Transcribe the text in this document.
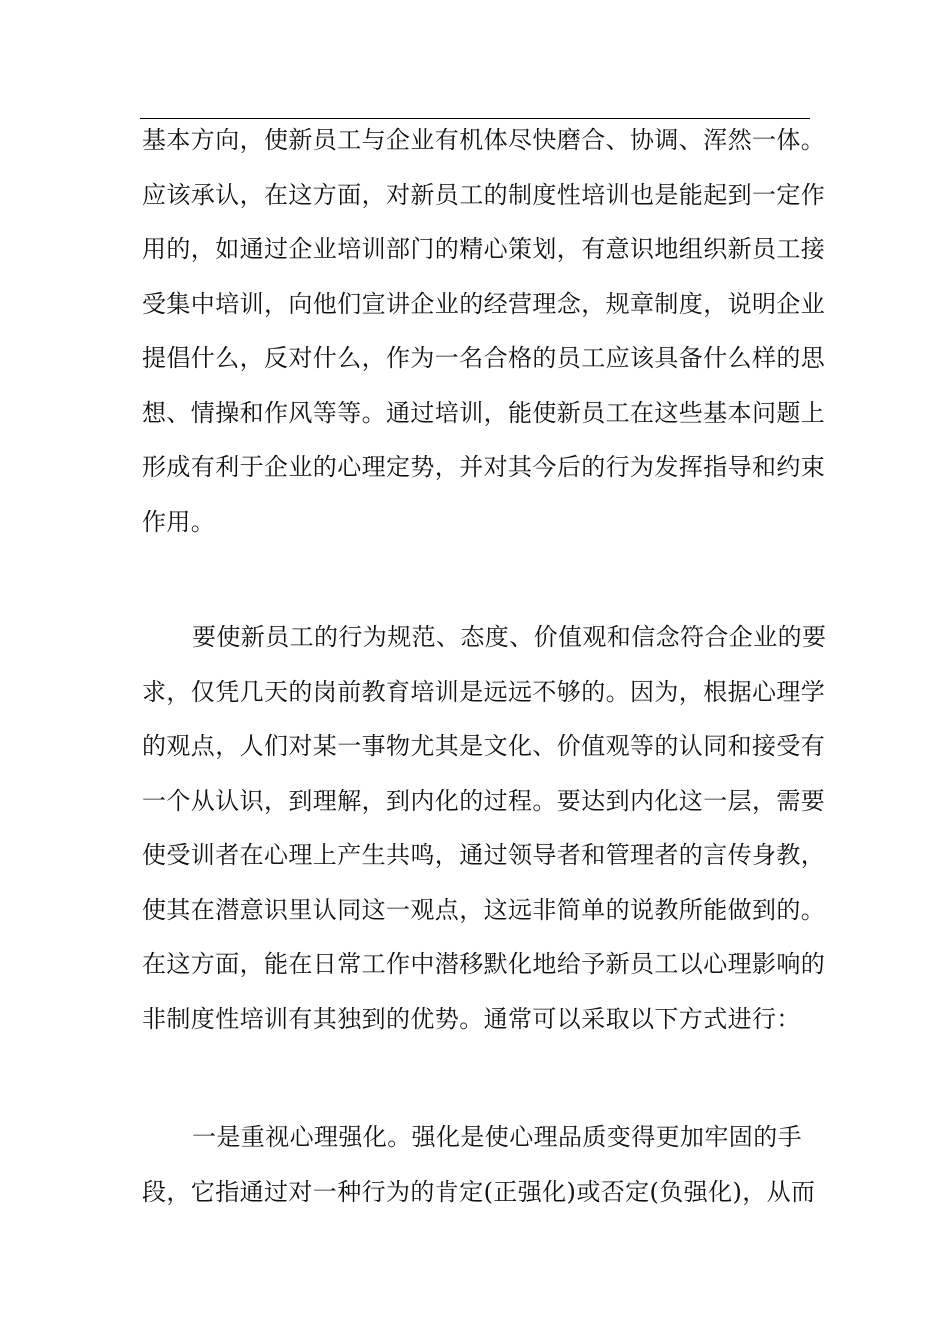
基本方向，使新员工与企业有机体尽快磨合、协调、浑然一体。
应该承认，在这方面，对新员工的制度性培训也是能起到一定作
用的，如通过企业培训部门的精心策划，有意识地组织新员工接
受集中培训，向他们宣讲企业的经营理念，规章制度，说明企业
提倡什么，反对什么，作为一名合格的员工应该具备什么样的思
想、情操和作风等等。通过培训，能使新员工在这些基本问题上
形成有利于企业的心理定势，并对其今后的行为发挥指导和约束
作用。
要使新员工的行为规范、态度、价值观和信念符合企业的要
求，仅凭几天的岗前教育培训是远远不够的。因为，根据心理学
的观点，人们对某一事物尤其是文化、价值观等的认同和接受有
一个从认识，到理解，到内化的过程。要达到内化这一层，需要
使受训者在心理上产生共鸣，通过领导者和管理者的言传身教，
使其在潜意识里认同这一观点，这远非简单的说教所能做到的。
在这方面，能在日常工作中潜移默化地给予新员工以心理影响的
非制度性培训有其独到的优势。通常可以采取以下方式进行：
一是重视心理强化。强化是使心理品质变得更加牢固的手
段，它指通过对一种行为的肯定(正强化)或否定(负强化)，从而
